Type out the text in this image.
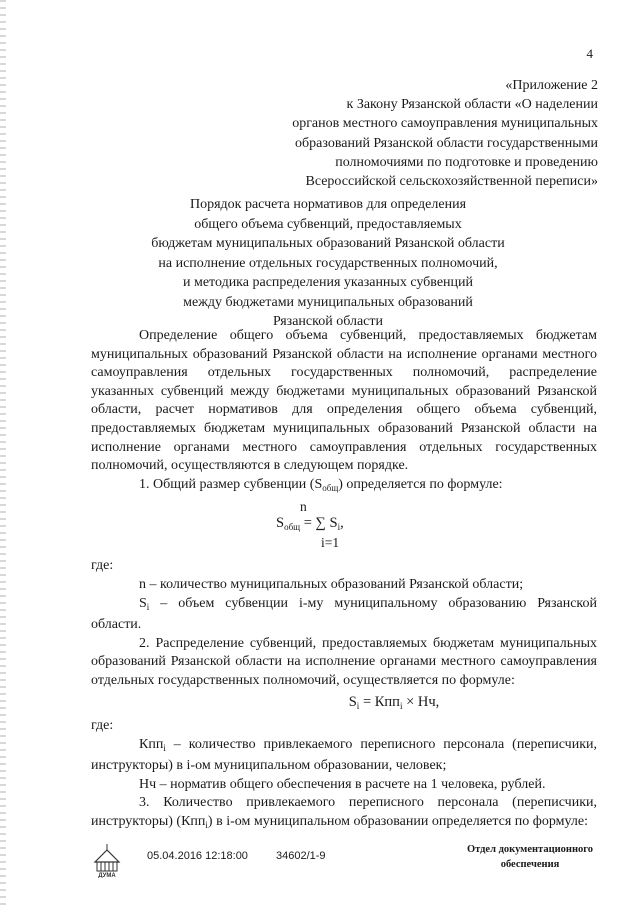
4
«Приложение 2
к Закону Рязанской области «О наделении
органов местного самоуправления муниципальных
образований Рязанской области государственными
полномочиями по подготовке и проведению
Всероссийской сельскохозяйственной переписи»
Порядок расчета нормативов для определения
общего объема субвенций, предоставляемых
бюджетам муниципальных образований Рязанской области
на исполнение отдельных государственных полномочий,
и методика распределения указанных субвенций
между бюджетами муниципальных образований
Рязанской области

Определение общего объема субвенций, предоставляемых бюджетам муниципальных образований Рязанской области на исполнение органами местного самоуправления отдельных государственных полномочий, распределение указанных субвенций между бюджетами муниципальных образований Рязанской области, расчет нормативов для определения общего объема субвенций, предоставляемых бюджетам муниципальных образований Рязанской области на исполнение органами местного самоуправления отдельных государственных полномочий, осуществляются в следующем порядке.

1. Общий размер субвенции $(S_{общ})$ определяется по формуле:

n
$S_{общ}$ = ∑ $S_i$,
i=1

где:

n – количество муниципальных образований Рязанской области;

$S_i$ – объем субвенции i-му муниципальному образованию Рязанской области.

2. Распределение субвенций, предоставляемых бюджетам муниципальных образований Рязанской области на исполнение органами местного самоуправления отдельных государственных полномочий, осуществляется по формуле:

$S_i = Кпп_i$ × Нч,

где:

Кпп$_i$ – количество привлекаемого переписного персонала (переписчики, инструкторы) в i-ом муниципальном образовании, человек;

Нч – норматив общего обеспечения в расчете на 1 человека, рублей.

3. Количество привлекаемого переписного персонала (переписчики, инструкторы) (Кпп$_i$) в i-ом муниципальном образовании определяется по формуле:

ДУМА
05.04.2016 12:18:00	34602/1-9
Отдел документационного
обеспечения
